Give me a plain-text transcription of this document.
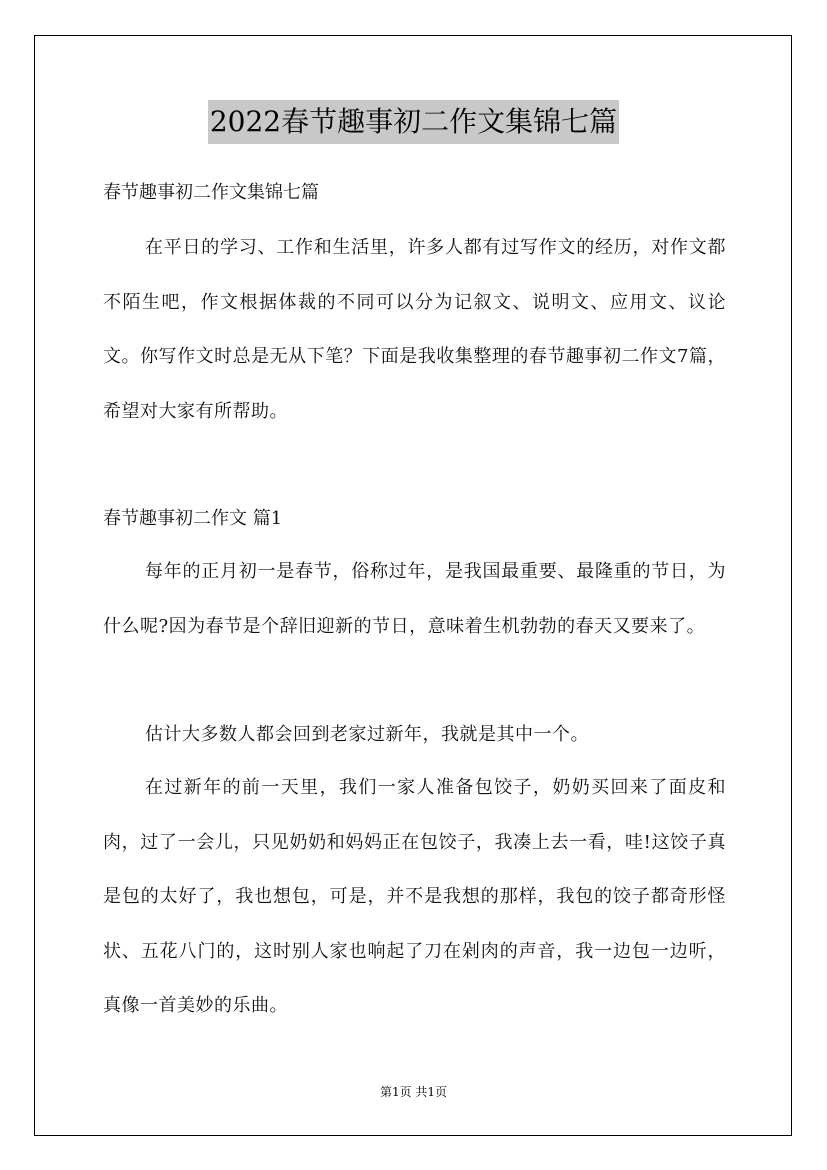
2022春节趣事初二作文集锦七篇
春节趣事初二作文集锦七篇
在平日的学习、工作和生活里，许多人都有过写作文的经历，对作文都不陌生吧，作文根据体裁的不同可以分为记叙文、说明文、应用文、议论文。你写作文时总是无从下笔？下面是我收集整理的春节趣事初二作文7篇，希望对大家有所帮助。
春节趣事初二作文 篇1
每年的正月初一是春节，俗称过年，是我国最重要、最隆重的节日，为什么呢?因为春节是个辞旧迎新的节日，意味着生机勃勃的春天又要来了。
估计大多数人都会回到老家过新年，我就是其中一个。
在过新年的前一天里，我们一家人准备包饺子，奶奶买回来了面皮和肉，过了一会儿，只见奶奶和妈妈正在包饺子，我凑上去一看，哇!这饺子真是包的太好了，我也想包，可是，并不是我想的那样，我包的饺子都奇形怪状、五花八门的，这时别人家也响起了刀在剁肉的声音，我一边包一边听，真像一首美妙的乐曲。
第1页 共1页
